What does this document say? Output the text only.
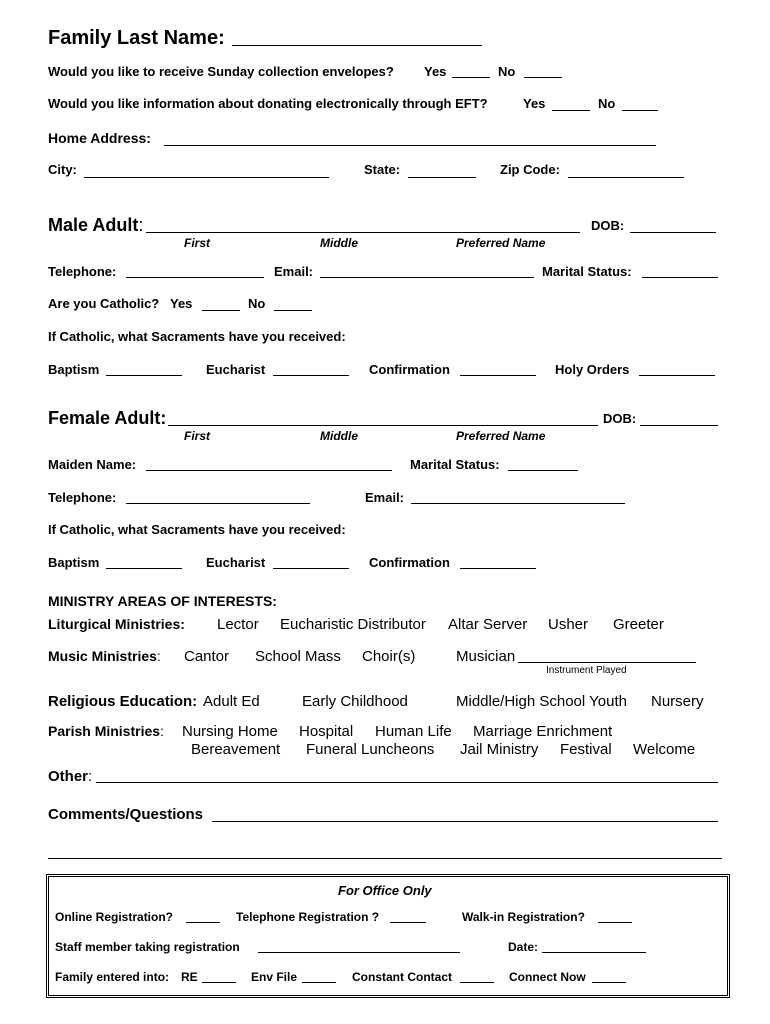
Family Last Name:
Would you like to receive Sunday collection envelopes? Yes	No
Would you like information about donating electronically through EFT?	Yes	No
Home Address:
City:	State:	Zip Code:
Male Adult:	DOB:
First	Middle	Preferred Name
Telephone:	Email:	Marital Status:
Are you Catholic? Yes	No
If Catholic, what Sacraments have you received:
Baptism	Eucharist	Confirmation	Holy Orders
Female Adult:	DOB:
First	Middle	Preferred Name
Maiden Name:	Marital Status:
Telephone:	Email:
If Catholic, what Sacraments have you received:
Baptism	Eucharist	Confirmation
MINISTRY AREAS OF INTERESTS:
Liturgical Ministries: Lector Eucharistic Distributor Altar Server Usher Greeter
Music Ministries: Cantor School Mass Choir(s)	Musician
Instrument Played
Religious Education: Adult Ed	Early Childhood	Middle/High School Youth Nursery
Parish Ministries: Nursing Home Hospital Human Life Marriage Enrichment
Bereavement Funeral Luncheons Jail Ministry Festival Welcome
Other:
Comments/Questions
For Office Only
Online Registration?	Telephone Registration ?	Walk-in Registration?
Staff member taking registration	Date:
Family entered into: RE	Env File	Constant Contact	Connect Now
